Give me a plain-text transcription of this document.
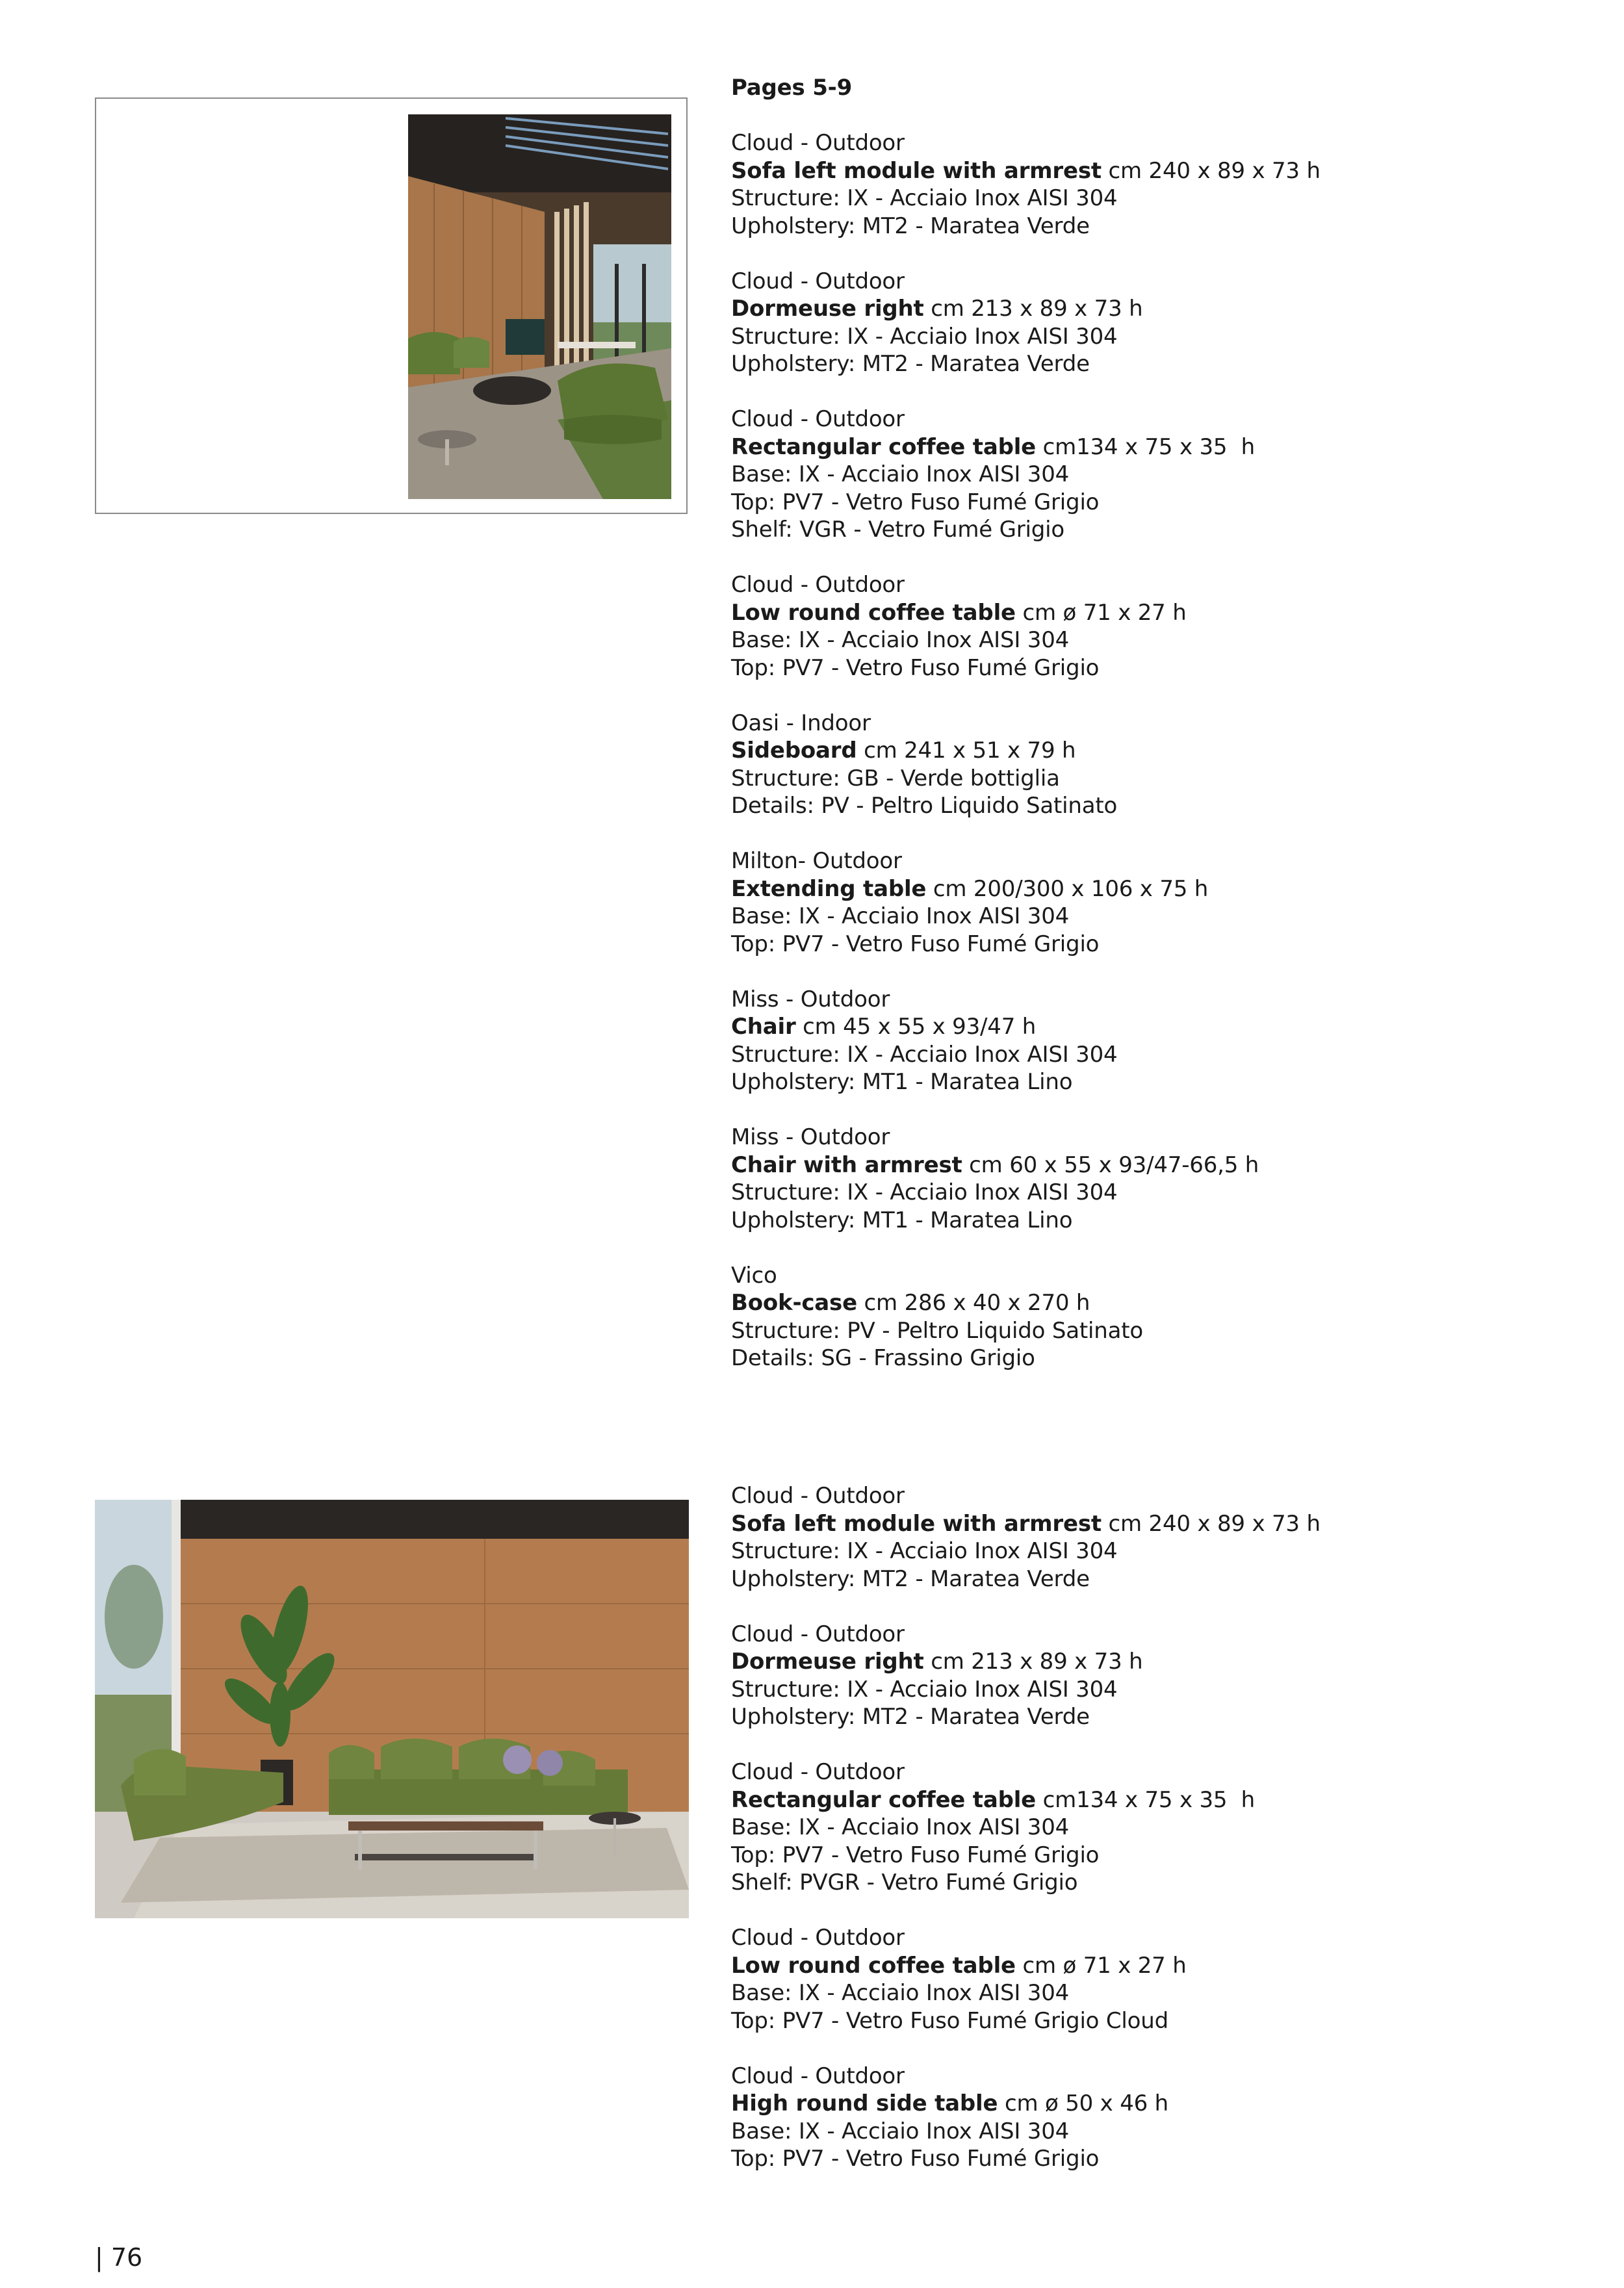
Pages 5-9

Cloud - Outdoor

Sofa left module with armrest cm 240 x 89 x 73 h

Structure: IX - Acciaio Inox AISI 304

Upholstery: MT2 - Maratea Verde

Cloud - Outdoor

Dormeuse right cm 213 x 89 x 73 h

Structure: IX - Acciaio Inox AISI 304

Upholstery: MT2 - Maratea Verde

Cloud - Outdoor

Rectangular coffee table cm134 x 75 x 35  h

Base: IX - Acciaio Inox AISI 304

Top: PV7 - Vetro Fuso Fumé Grigio

Shelf: VGR - Vetro Fumé Grigio

Cloud - Outdoor

Low round coffee table cm ø 71 x 27 h

Base: IX - Acciaio Inox AISI 304

Top: PV7 - Vetro Fuso Fumé Grigio

Oasi - Indoor

Sideboard cm 241 x 51 x 79 h

Structure: GB - Verde bottiglia

Details: PV - Peltro Liquido Satinato

Milton- Outdoor

Extending table cm 200/300 x 106 x 75 h

Base: IX - Acciaio Inox AISI 304

Top: PV7 - Vetro Fuso Fumé Grigio

Miss - Outdoor

Chair cm 45 x 55 x 93/47 h

Structure: IX - Acciaio Inox AISI 304

Upholstery: MT1 - Maratea Lino

Miss - Outdoor

Chair with armrest cm 60 x 55 x 93/47-66,5 h

Structure: IX - Acciaio Inox AISI 304

Upholstery: MT1 - Maratea Lino

Vico

Book-case cm 286 x 40 x 270 h

Structure: PV - Peltro Liquido Satinato

Details: SG - Frassino Grigio

Cloud - Outdoor

Sofa left module with armrest cm 240 x 89 x 73 h

Structure: IX - Acciaio Inox AISI 304

Upholstery: MT2 - Maratea Verde

Cloud - Outdoor

Dormeuse right cm 213 x 89 x 73 h

Structure: IX - Acciaio Inox AISI 304

Upholstery: MT2 - Maratea Verde

Cloud - Outdoor

Rectangular coffee table cm134 x 75 x 35  h

Base: IX - Acciaio Inox AISI 304

Top: PV7 - Vetro Fuso Fumé Grigio

Shelf: PVGR - Vetro Fumé Grigio

Cloud - Outdoor

Low round coffee table cm ø 71 x 27 h

Base: IX - Acciaio Inox AISI 304

Top: PV7 - Vetro Fuso Fumé Grigio Cloud

Cloud - Outdoor

High round side table cm ø 50 x 46 h

Base: IX - Acciaio Inox AISI 304

Top: PV7 - Vetro Fuso Fumé Grigio

| 76
